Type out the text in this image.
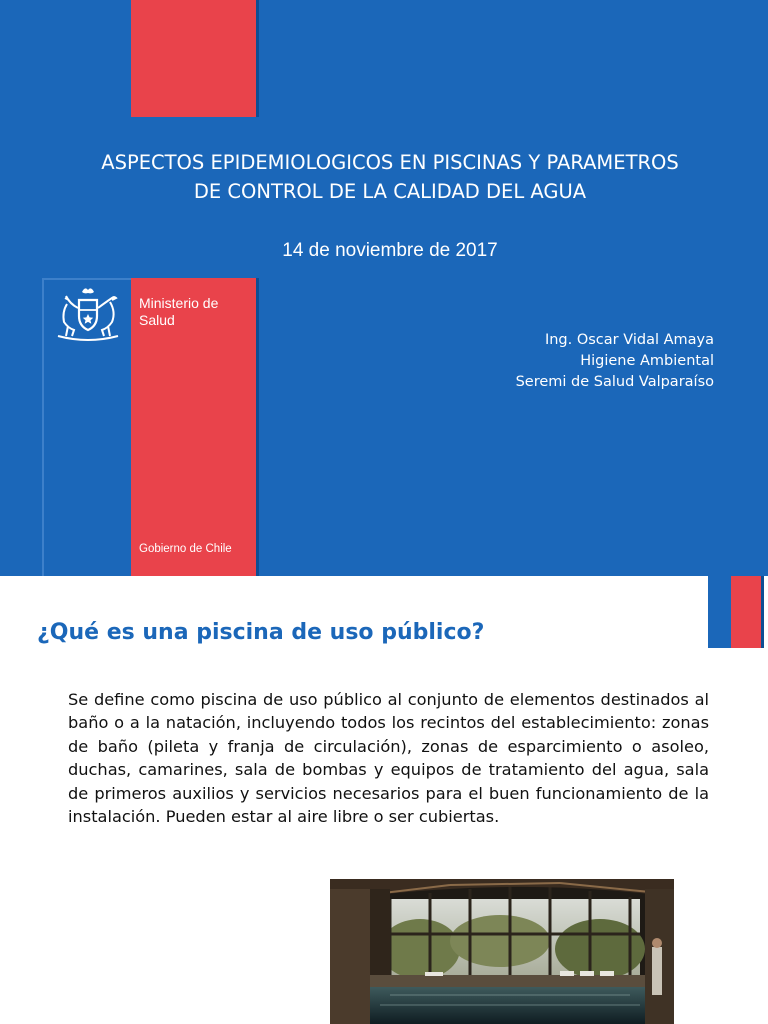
ASPECTOS EPIDEMIOLOGICOS EN PISCINAS Y PARAMETROS
DE CONTROL DE LA CALIDAD DEL AGUA
14 de noviembre de 2017
Ministerio de Salud
Gobierno de Chile
Ing. Oscar Vidal Amaya
Higiene Ambiental
Seremi de Salud Valparaíso
¿Qué es una piscina de uso público?
Se define como piscina de uso público al conjunto de elementos destinados al baño o a la natación, incluyendo todos los recintos del establecimiento: zonas de baño (pileta y franja de circulación), zonas de esparcimiento o asoleo, duchas, camarines, sala de bombas y equipos de tratamiento del agua, sala de primeros auxilios y servicios necesarios para el buen funcionamiento de la instalación. Pueden estar al aire libre o ser cubiertas.
